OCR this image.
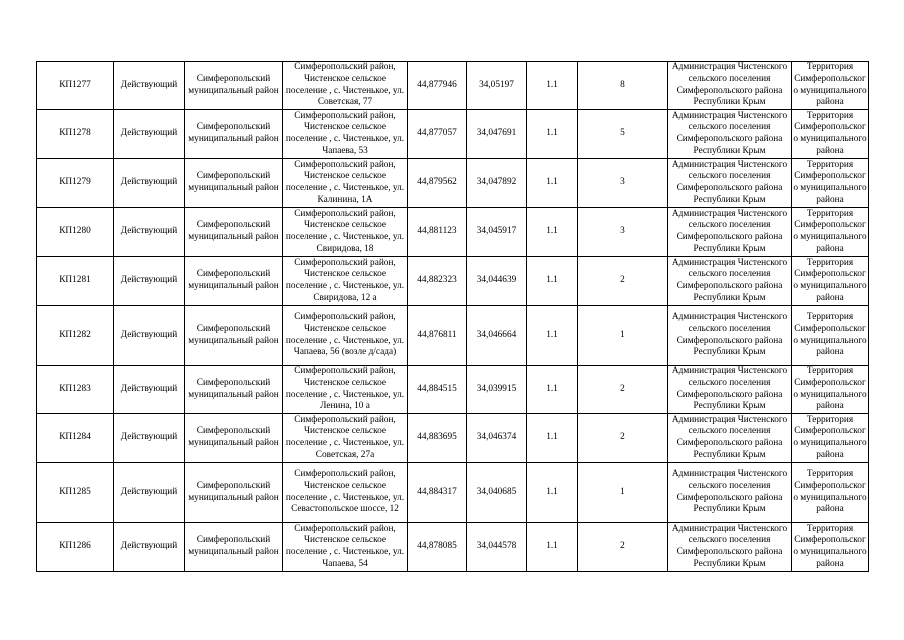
КП1277	Действующий	Симферопольский муниципальный район	Симферопольский район, Чистенское сельское поселение , с. Чистенькое, ул. Советская, 77	44,877946	34,05197	1.1	8	Администрация Чистенского сельского поселения Симферопольского района Республики Крым	Территория Симферопольского муниципального района
КП1278	Действующий	Симферопольский муниципальный район	Симферопольский район, Чистенское сельское поселение , с. Чистенькое, ул. Чапаева, 53	44,877057	34,047691	1.1	5	Администрация Чистенского сельского поселения Симферопольского района Республики Крым	Территория Симферопольского муниципального района
КП1279	Действующий	Симферопольский муниципальный район	Симферопольский район, Чистенское сельское поселение , с. Чистенькое, ул. Калинина, 1А	44,879562	34,047892	1.1	3	Администрация Чистенского сельского поселения Симферопольского района Республики Крым	Территория Симферопольского муниципального района
КП1280	Действующий	Симферопольский муниципальный район	Симферопольский район, Чистенское сельское поселение , с. Чистенькое, ул. Свиридова, 18	44,881123	34,045917	1.1	3	Администрация Чистенского сельского поселения Симферопольского района Республики Крым	Территория Симферопольского муниципального района
КП1281	Действующий	Симферопольский муниципальный район	Симферопольский район, Чистенское сельское поселение , с. Чистенькое, ул. Свиридова, 12 а	44,882323	34,044639	1.1	2	Администрация Чистенского сельского поселения Симферопольского района Республики Крым	Территория Симферопольского муниципального района
КП1282	Действующий	Симферопольский муниципальный район	Симферопольский район, Чистенское сельское поселение , с. Чистенькое, ул. Чапаева, 56 (возле д/сада)	44,876811	34,046664	1.1	1	Администрация Чистенского сельского поселения Симферопольского района Республики Крым	Территория Симферопольского муниципального района
КП1283	Действующий	Симферопольский муниципальный район	Симферопольский район, Чистенское сельское поселение , с. Чистенькое, ул. Ленина, 10 а	44,884515	34,039915	1.1	2	Администрация Чистенского сельского поселения Симферопольского района Республики Крым	Территория Симферопольского муниципального района
КП1284	Действующий	Симферопольский муниципальный район	Симферопольский район, Чистенское сельское поселение , с. Чистенькое, ул. Советская, 27а	44,883695	34,046374	1.1	2	Администрация Чистенского сельского поселения Симферопольского района Республики Крым	Территория Симферопольского муниципального района
КП1285	Действующий	Симферопольский муниципальный район	Симферопольский район, Чистенское сельское поселение , с. Чистенькое, ул. Севастопольское шоссе, 12	44,884317	34,040685	1.1	1	Администрация Чистенского сельского поселения Симферопольского района Республики Крым	Территория Симферопольского муниципального района
КП1286	Действующий	Симферопольский муниципальный район	Симферопольский район, Чистенское сельское поселение , с. Чистенькое, ул. Чапаева, 54	44,878085	34,044578	1.1	2	Администрация Чистенского сельского поселения Симферопольского района Республики Крым	Территория Симферопольского муниципального района
